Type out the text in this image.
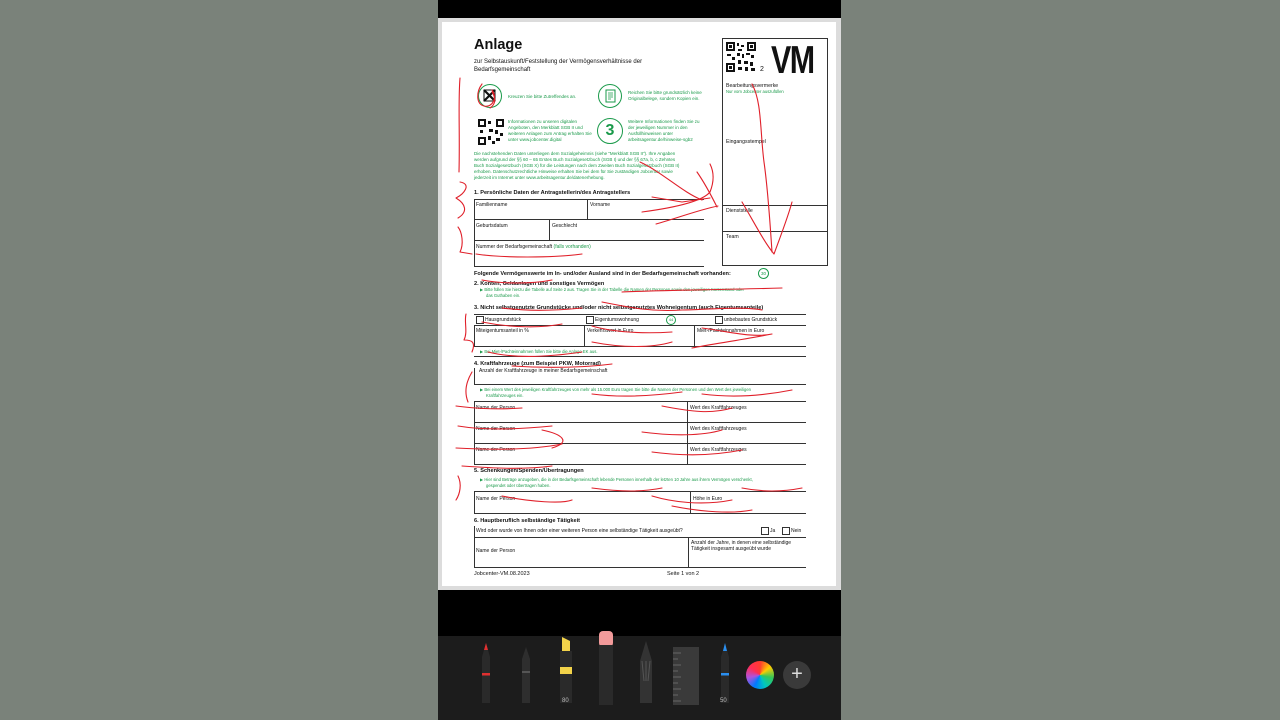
Anlage
zur Selbstauskunft/Feststellung der Vermögensverhältnisse der
Bedarfsgemeinschaft	2 VM
Bearbeitungsvermerke
Nur vom Jobcenter auszufüllen
Eingangsstempel
Dienststelle
Team
Kreuzen Sie bitte Zutreffendes an.
Reichen Sie bitte grundsätzlich keine
Originalbelege, sondern Kopien ein.
Informationen zu unseren digitalen
Angeboten, den Merkblatt SGB II und
weiteren Anlagen zum Antrag erhalten Sie
unter www.jobcenter.digital
3
Weitere Informationen finden Sie zu
der jeweiligen Nummer in den
Ausfüllhinweisen unter
arbeitsagentur.de/hinweise-sgb2
Die nachstehenden Daten unterliegen dem Sozialgeheimnis (siehe "Merkblatt SGB II"). Ihre Angaben
werden aufgrund der §§ 60 – 65 Erstes Buch Sozialgesetzbuch (SGB I) und der §§ 67a, b, c Zehntes
Buch Sozialgesetzbuch (SGB X) für die Leistungen nach dem Zweiten Buch Sozialgesetzbuch (SGB II)
erhoben. Datenschutzrechtliche Hinweise erhalten Sie bei dem für Sie zuständigen Jobcenter sowie
jederzeit im Internet unter www.arbeitsagentur.de/datenerhebung.
1. Persönliche Daten der Antragstellerin/des Antragstellers
Familienname	Vorname
Geburtsdatum	Geschlecht
Nummer der Bedarfsgemeinschaft (falls vorhanden)
Folgende Vermögenswerte im In- und/oder Ausland sind in der Bedarfsgemeinschaft vorhanden:	30
2. Konten, Geldanlagen und sonstiges Vermögen
▶ Bitte füllen Sie hierzu die Tabelle auf Seite 2 aus. Tragen Sie in der Tabelle die Namen der Personen sowie den jeweiligen Kontenstand oder
das Guthaben ein.
3. Nicht selbstgenutzte Grundstücke und/oder nicht selbstgenutztes Wohneigentum (auch Eigentumsanteile)
Hausgrundstück	Eigentumswohnung	44	unbebautes Grundstück
Miteigentumsanteil in %	Verkehrswert in Euro	Miet-/Pachteinnahmen in Euro
▶ Bei Miet-/Pachteinnahmen füllen Sie bitte die Anlage EK aus.
4. Kraftfahrzeuge (zum Beispiel PKW, Motorrad)
Anzahl der Kraftfahrzeuge in meiner Bedarfsgemeinschaft
▶ Bei einem Wert des jeweiligen Kraftfahrzeuges von mehr als 15.000 Euro tragen Sie bitte die Namen der Personen und den Wert des jeweiligen
Kraftfahrzeuges ein.
Name der Person	Wert des Kraftfahrzeuges
Name der Person	Wert des Kraftfahrzeuges
Name der Person	Wert des Kraftfahrzeuges
5. Schenkungen/Spenden/Übertragungen
▶ Hier sind Beträge anzugeben, die in der Bedarfsgemeinschaft lebende Personen innerhalb der letzten 10 Jahre aus ihrem Vermögen verschenkt,
gespendet oder übertragen haben.
Name der Person	Höhe in Euro
6. Hauptberuflich selbständige Tätigkeit
Wird oder wurde von Ihnen oder einer weiteren Person eine selbständige Tätigkeit ausgeübt?	Ja	Nein
Name der Person
Anzahl der Jahre, in denen eine selbständige
Tätigkeit insgesamt ausgeübt wurde
Jobcenter-VM.08.2023	Seite 1 von 2
80	50
+
